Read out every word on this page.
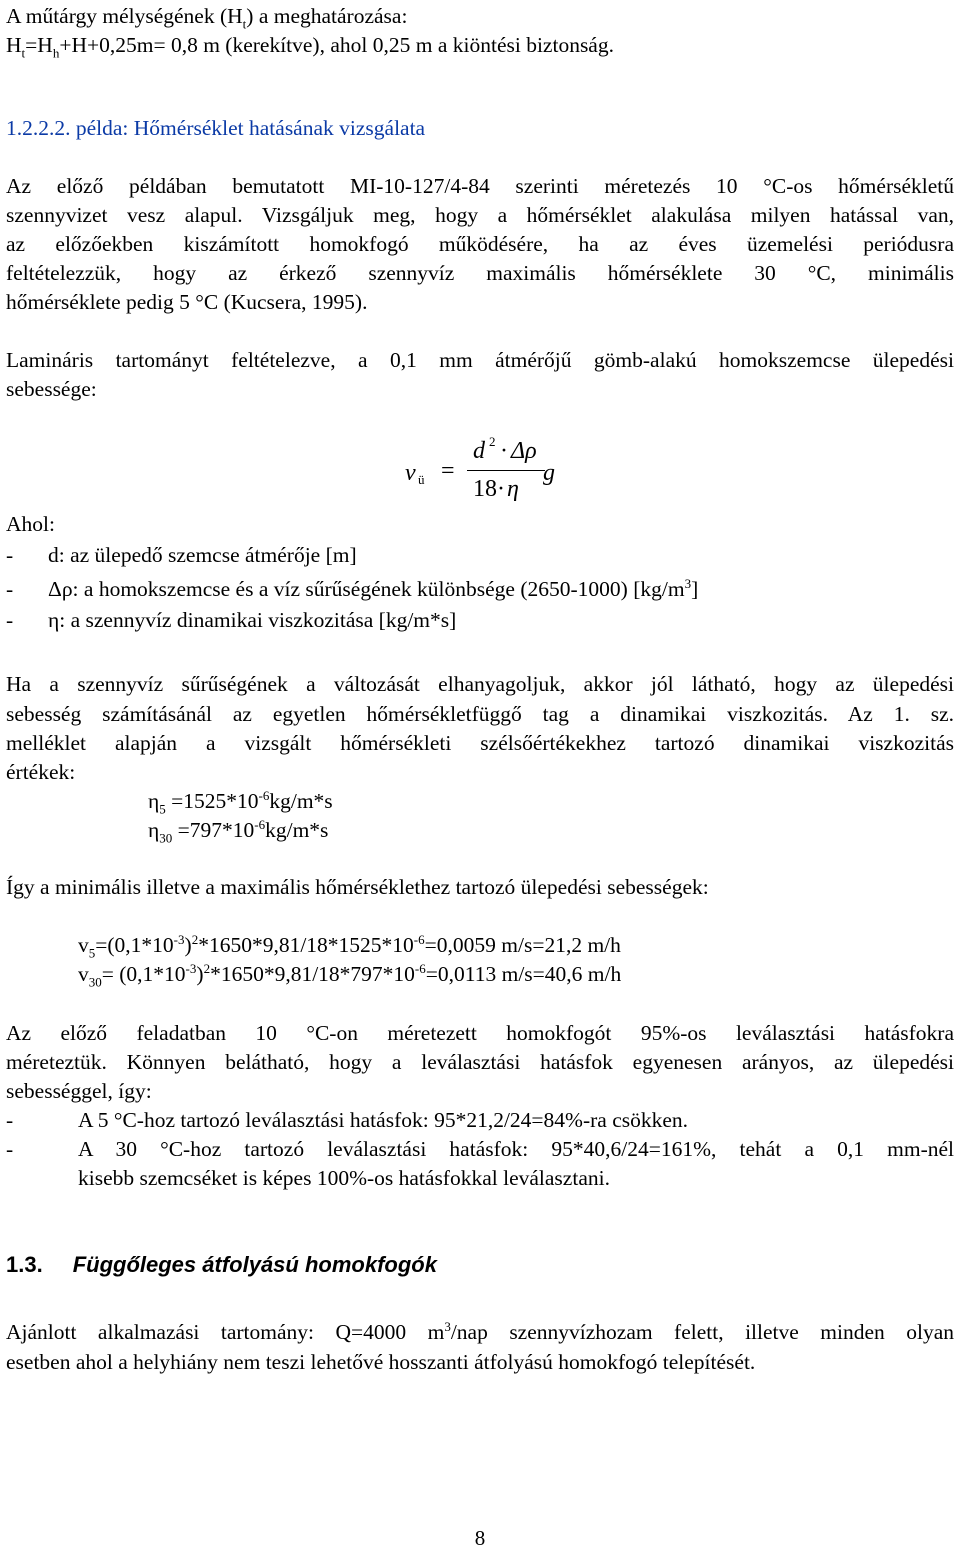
A műtárgy mélységének $(H_t)$ a meghatározása:
$H_t=H_h+H+0,25m= 0,8$ m (kerekítve), ahol 0,25 m a kiöntési biztonság.
1.2.2.2. példa: Hőmérséklet hatásának vizsgálata
Az előző példában bemutatott MI-10-127/4-84 szerinti méretezés 10 °C-os hőmérsékletű
szennyvizet vesz alapul. Vizsgáljuk meg, hogy a hőmérséklet alakulása milyen hatással van,
az előzőekben kiszámított homokfogó működésére, ha az éves üzemelési periódusra
feltételezzük, hogy az érkező szennyvíz maximális hőmérséklete 30 °C, minimális
hőmérséklete pedig 5 °C (Kucsera, 1995).
Lamináris tartományt feltételezve, a 0,1 mm átmérőjű gömb-alakú homokszemcse ülepedési
sebessége:
v ü =
d 2 · Δρ
18 · η
g
Ahol:
- d: az ülepedő szemcse átmérője [m]
- Δρ: a homokszemcse és a víz sűrűségének különbsége (2650-1000) $[kg/m^3]$
- η: a szennyvíz dinamikai viszkozitása [kg/m*s]
Ha a szennyvíz sűrűségének a változását elhanyagoljuk, akkor jól látható, hogy az ülepedési
sebesség számításánál az egyetlen hőmérsékletfüggő tag a dinamikai viszkozitás. Az 1. sz.
melléklet alapján a vizsgált hőmérsékleti szélsőértékekhez tartozó dinamikai viszkozitás
értékek:
$\eta_5 =1525*10^{-6}kg/m*s$
$\eta_{30} =797*10^{-6}kg/m*s$
Így a minimális illetve a maximális hőmérséklethez tartozó ülepedési sebességek:
$v_5=(0,1*10^{-3})^2*1650*9,81/18*1525*10^{-6}=0,0059$ m/s=21,2 m/h
$v_{30}= (0,1*10^{-3})^2*1650*9,81/18*797*10^{-6}=0,0113$ m/s=40,6 m/h
Az előző feladatban 10 °C-on méretezett homokfogót 95%-os leválasztási hatásfokra
méreteztük. Könnyen belátható, hogy a leválasztási hatásfok egyenesen arányos, az ülepedési
sebességgel, így:
-	A 5 °C-hoz tartozó leválasztási hatásfok: 95*21,2/24=84%-ra csökken.
-	A 30 °C-hoz tartozó leválasztási hatásfok: 95*40,6/24=161%, tehát a 0,1 mm-nél
kisebb szemcséket is képes 100%-os hatásfokkal leválasztani.
1.3. Függőleges átfolyású homokfogók
Ajánlott alkalmazási tartomány: Q=4000 $m^3$/nap szennyvízhozam felett, illetve minden olyan
esetben ahol a helyhiány nem teszi lehetővé hosszanti átfolyású homokfogó telepítését.
8
